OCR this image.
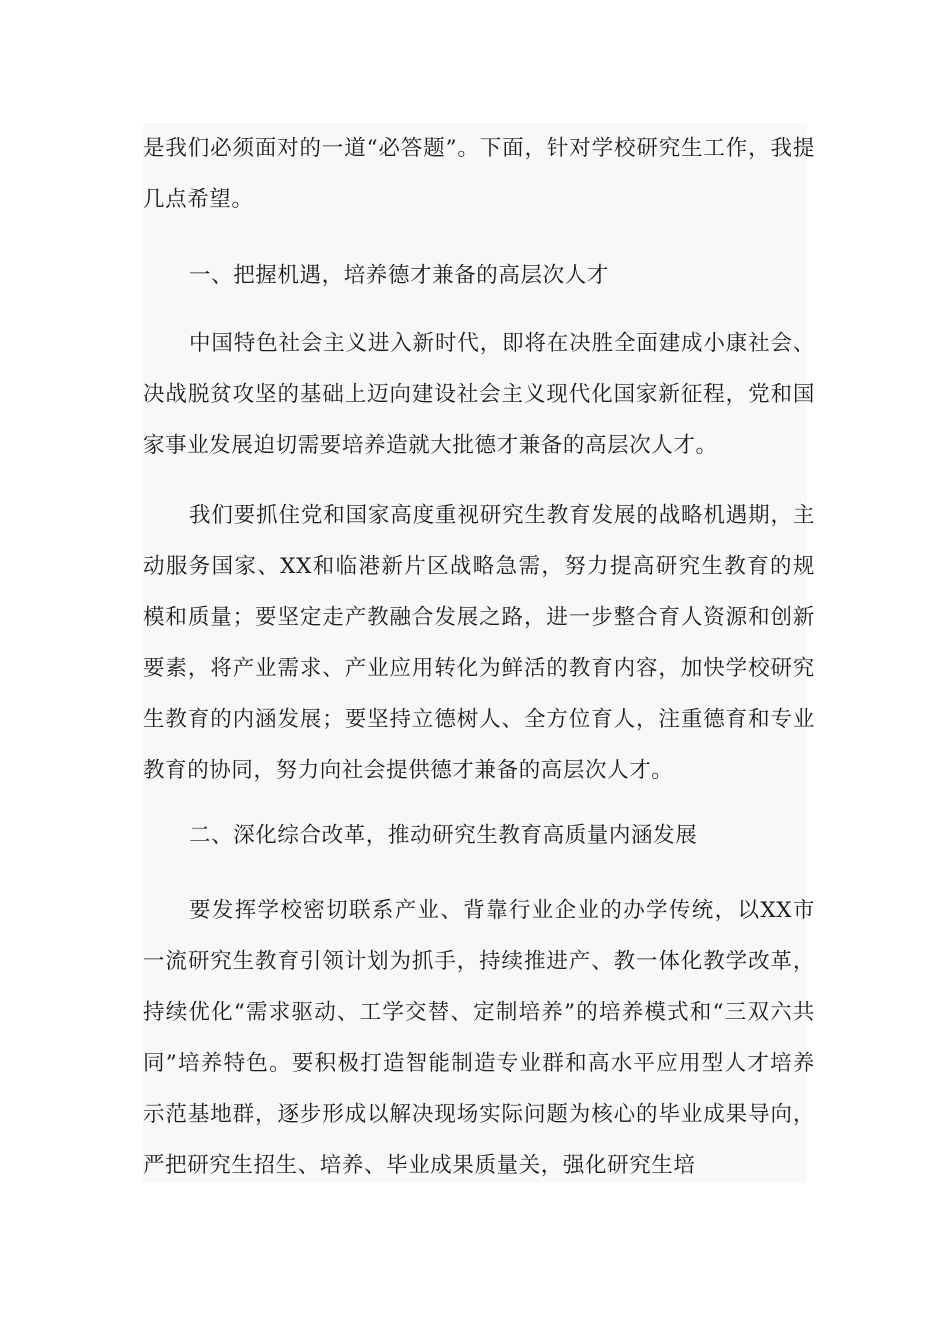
是我们必须面对的一道“必答题”。下面，针对学校研究生工作，我提几点希望。

一、把握机遇，培养德才兼备的高层次人才

中国特色社会主义进入新时代，即将在决胜全面建成小康社会、决战脱贫攻坚的基础上迈向建设社会主义现代化国家新征程，党和国家事业发展迫切需要培养造就大批德才兼备的高层次人才。

我们要抓住党和国家高度重视研究生教育发展的战略机遇期，主动服务国家、XX和临港新片区战略急需，努力提高研究生教育的规模和质量；要坚定走产教融合发展之路，进一步整合育人资源和创新要素，将产业需求、产业应用转化为鲜活的教育内容，加快学校研究生教育的内涵发展；要坚持立德树人、全方位育人，注重德育和专业教育的协同，努力向社会提供德才兼备的高层次人才。

二、深化综合改革，推动研究生教育高质量内涵发展

要发挥学校密切联系产业、背靠行业企业的办学传统，以XX市一流研究生教育引领计划为抓手，持续推进产、教一体化教学改革，持续优化“需求驱动、工学交替、定制培养”的培养模式和“三双六共同”培养特色。要积极打造智能制造专业群和高水平应用型人才培养示范基地群，逐步形成以解决现场实际问题为核心的毕业成果导向，严把研究生招生、培养、毕业成果质量关，强化研究生培
